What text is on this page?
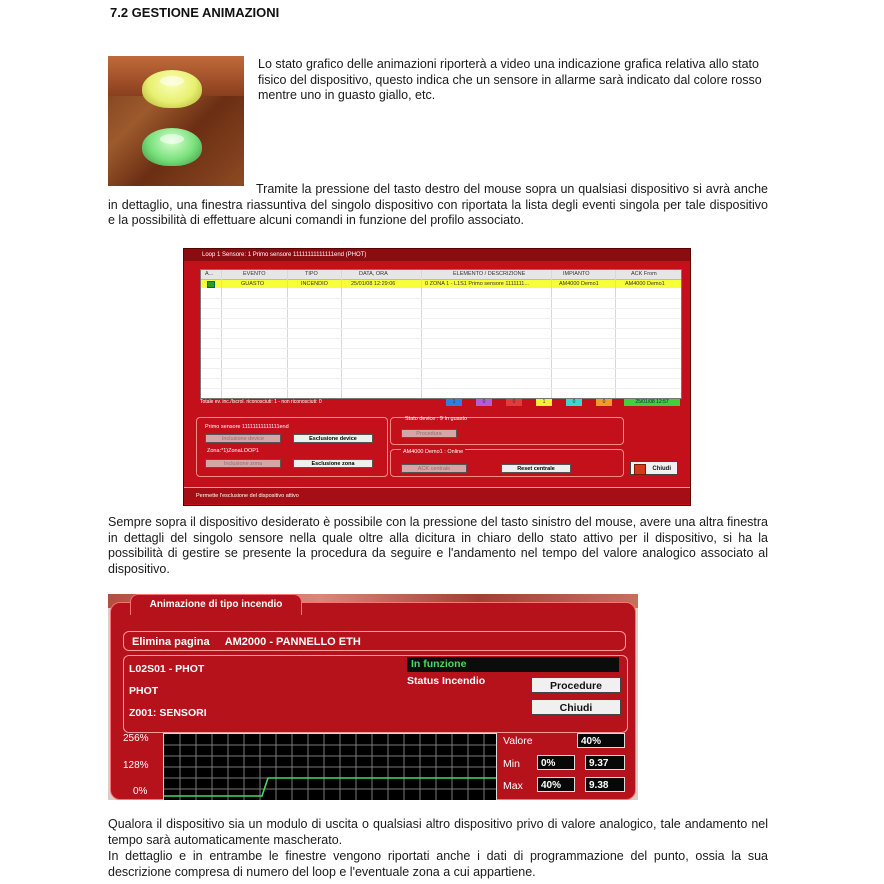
7.2 GESTIONE ANIMAZIONI
Lo stato grafico delle animazioni riporterà a video una indicazione grafica relativa allo stato fisico del dispositivo, questo indica che un sensore in allarme sarà indicato dal colore rosso mentre uno in guasto giallo, etc.
Tramite la pressione del tasto destro del mouse sopra un qualsiasi dispositivo si avrà anche in dettaglio, una finestra riassuntiva del singolo dispositivo con riportata la lista degli eventi singola per tale dispositivo e la possibilità di effettuare alcuni comandi in funzione del profilo associato.
Loop 1 Sensore: 1 Primo sensore 11111111111111end (PHOT)
A...	EVENTO	TIPO	DATA, ORA	ELEMENTO / DESCRIZIONE	IMPIANTO	ACK From
GUASTO	INCENDIO	25/01/08 12:29:06	0 ZONA 1 - L1S1 Primo sensore 1111111...	AM4000 Demo1	AM4000 Demo1
Totale ev. inc./Iscrol. riconosciuti: 1 - non riconosciuti: 0	1	0	0	1	0	0	25/01/08 12:57
Primo sensore 11111111111111end
Inclusione device	Esclusione device
Zona:*1)ZonaLOOP1
Inclusione zona	Esclusione zona
Stato device : 9 In guasto
Procedura
AM4000 Demo1 : Online
ACK centrale	Reset centrale	Chiudi
Permette l'esclusione del dispositivo attivo
Sempre sopra il dispositivo desiderato è possibile con la pressione del tasto sinistro del mouse, avere una altra finestra in dettagli del singolo sensore nella quale oltre alla dicitura in chiaro dello stato attivo per il dispositivo, si ha la possibilità di gestire se presente la procedura da seguire e l'andamento nel tempo del valore analogico associato al dispositivo.
Elimina pagina AM2000 - PANNELLO ETH
L02S01 - PHOT
PHOT
Z001: SENSORI
In funzione
Status Incendio	Procedure
Chiudi
256%
128%
0%
Valore	40%
Min	0%	9.37
Max	40%	9.38
Animazione di tipo incendio
Qualora il dispositivo sia un modulo di uscita o qualsiasi altro dispositivo privo di valore analogico, tale andamento nel tempo sarà automaticamente mascherato.
In dettaglio e in entrambe le finestre vengono riportati anche i dati di programmazione del punto, ossia la sua descrizione compresa di numero del loop e l'eventuale zona a cui appartiene.
